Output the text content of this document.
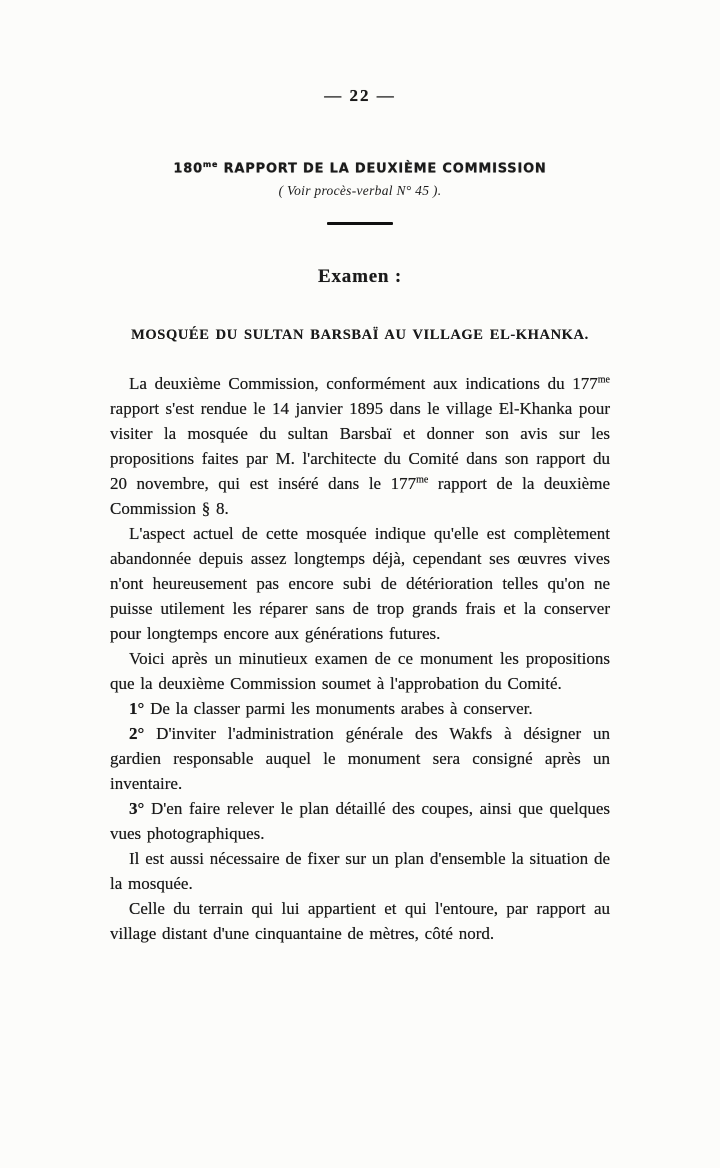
— 22 —
$180^{me}$ RAPPORT DE LA DEUXIÈME COMMISSION
( Voir procès-verbal N° 45 ).
Examen :
MOSQUÉE DU SULTAN BARSBAÏ AU VILLAGE EL-KHANKA.

La deuxième Commission, conformément aux indications du $177^{me}$ rapport s'est rendue le 14 janvier 1895 dans le village El-Khanka pour visiter la mosquée du sultan Barsbaï et donner son avis sur les propositions faites par M. l'architecte du Comité dans son rapport du 20 novembre, qui est inséré dans le $177^{me}$ rapport de la deuxième Commission § 8.

L'aspect actuel de cette mosquée indique qu'elle est complètement abandonnée depuis assez longtemps déjà, cependant ses œuvres vives n'ont heureusement pas encore subi de détérioration telles qu'on ne puisse utilement les réparer sans de trop grands frais et la conserver pour longtemps encore aux générations futures.

Voici après un minutieux examen de ce monument les propositions que la deuxième Commission soumet à l'approbation du Comité.

1° De la classer parmi les monuments arabes à conserver.

2° D'inviter l'administration générale des Wakfs à désigner un gardien responsable auquel le monument sera consigné après un inventaire.

3° D'en faire relever le plan détaillé des coupes, ainsi que quelques vues photographiques.

Il est aussi nécessaire de fixer sur un plan d'ensemble la situation de la mosquée.

Celle du terrain qui lui appartient et qui l'entoure, par rapport au village distant d'une cinquantaine de mètres, côté nord.
